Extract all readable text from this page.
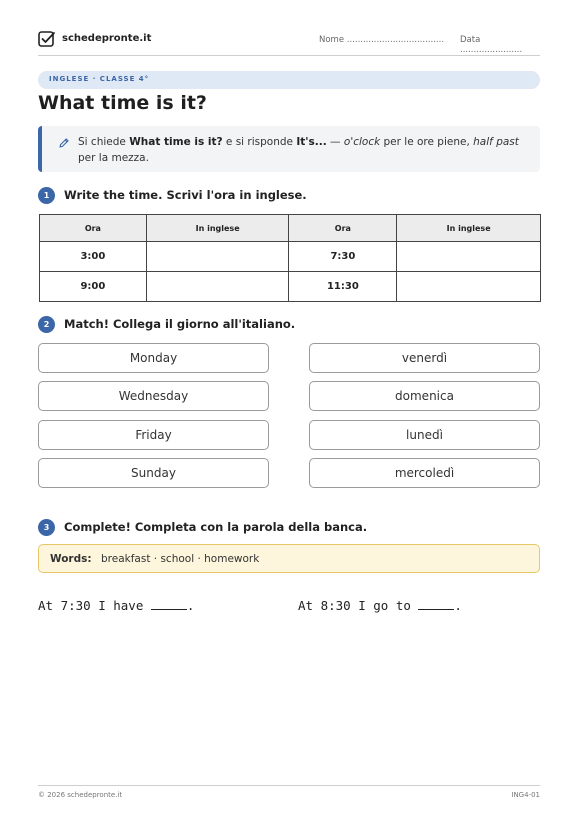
schedepronte.it	Nome .................................... Data .......................
INGLESE · CLASSE 4°
What time is it?
Si chiede What time is it? e si risponde It's... — o'clock per le ore piene, half past per la mezza.
1	Write the time. Scrivi l'ora in inglese.
Ora	In inglese	Ora	In inglese
3:00		7:30	
9:00		11:30	
2	Match! Collega il giorno all'italiano.
Monday
Wednesday
Friday
Sunday
venerdì
domenica
lunedì
mercoledì
3	Complete! Completa con la parola della banca.
Words: breakfast · school · homework
At 7:30 I have	.	At 8:30 I go to	.
© 2026 schedepronte.it	ING4-01
